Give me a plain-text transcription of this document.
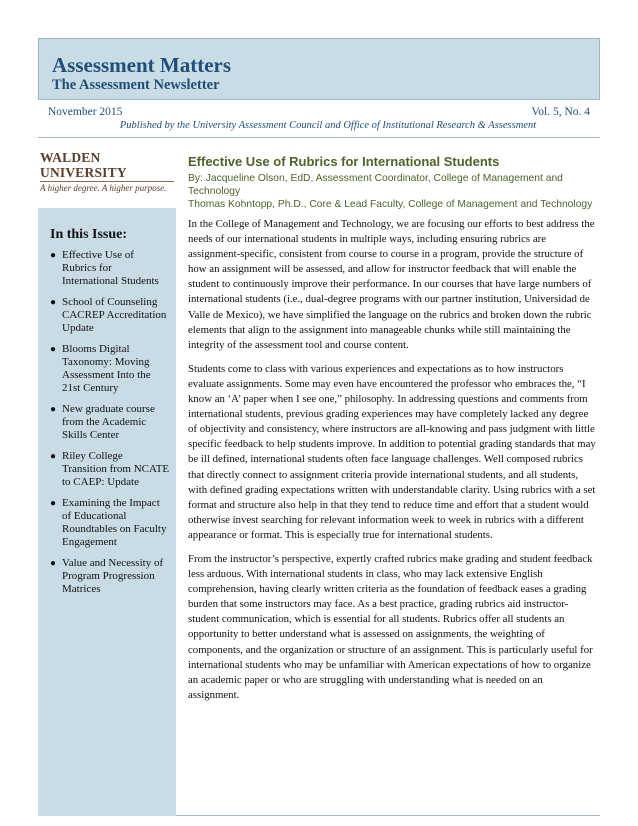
Assessment Matters
The Assessment Newsletter
November 2015	Vol. 5, No. 4
Published by the University Assessment Council and Office of Institutional Research & Assessment
WALDEN UNIVERSITY
A higher degree. A higher purpose.
In this Issue:
● Effective Use of Rubrics for International Students
● School of Counseling CACREP Accreditation Update
● Blooms Digital Taxonomy: Moving Assessment Into the 21st Century
● New graduate course from the Academic Skills Center
● Riley College Transition from NCATE to CAEP: Update
● Examining the Impact of Educational Roundtables on Faculty Engagement
● Value and Necessity of Program Progression Matrices
Effective Use of Rubrics for International Students
By: Jacqueline Olson, EdD, Assessment Coordinator, College of Management and Technology
Thomas Kohntopp, Ph.D., Core & Lead Faculty, College of Management and Technology

In the College of Management and Technology, we are focusing our efforts to best address the needs of our international students in multiple ways, including ensuring rubrics are assignment-specific, consistent from course to course in a program, provide the structure of how an assignment will be assessed, and allow for instructor feedback that will enable the student to continuously improve their performance. In our courses that have large numbers of international students (i.e., dual-degree programs with our partner institution, Universidad de Valle de Mexico), we have simplified the language on the rubrics and broken down the rubric elements that align to the assignment into manageable chunks while still maintaining the integrity of the assessment tool and course content.

Students come to class with various experiences and expectations as to how instructors evaluate assignments. Some may even have encountered the professor who embraces the, “I know an ‘A’ paper when I see one,” philosophy. In addressing questions and comments from international students, previous grading experiences may have completely lacked any degree of objectivity and consistency, where instructors are all-knowing and pass judgment with little specific feedback to help students improve. In addition to potential grading standards that may be ill defined, international students often face language challenges. Well composed rubrics that directly connect to assignment criteria provide international students, and all students, with defined grading expectations written with understandable clarity. Using rubrics with a set format and structure also help in that they tend to reduce time and effort that a student would otherwise invest searching for relevant information week to week in rubrics with a different appearance or format. This is especially true for international students.

From the instructor’s perspective, expertly crafted rubrics make grading and student feedback less arduous. With international students in class, who may lack extensive English comprehension, having clearly written criteria as the foundation of feedback eases a grading burden that some instructors may face. As a best practice, grading rubrics aid instructor-student communication, which is essential for all students. Rubrics offer all students an opportunity to better understand what is assessed on assignments, the weighting of components, and the organization or structure of an assignment. This is particularly useful for international students who may be unfamiliar with American expectations of how to organize an academic paper or who are struggling with understanding what is needed on an assignment.
